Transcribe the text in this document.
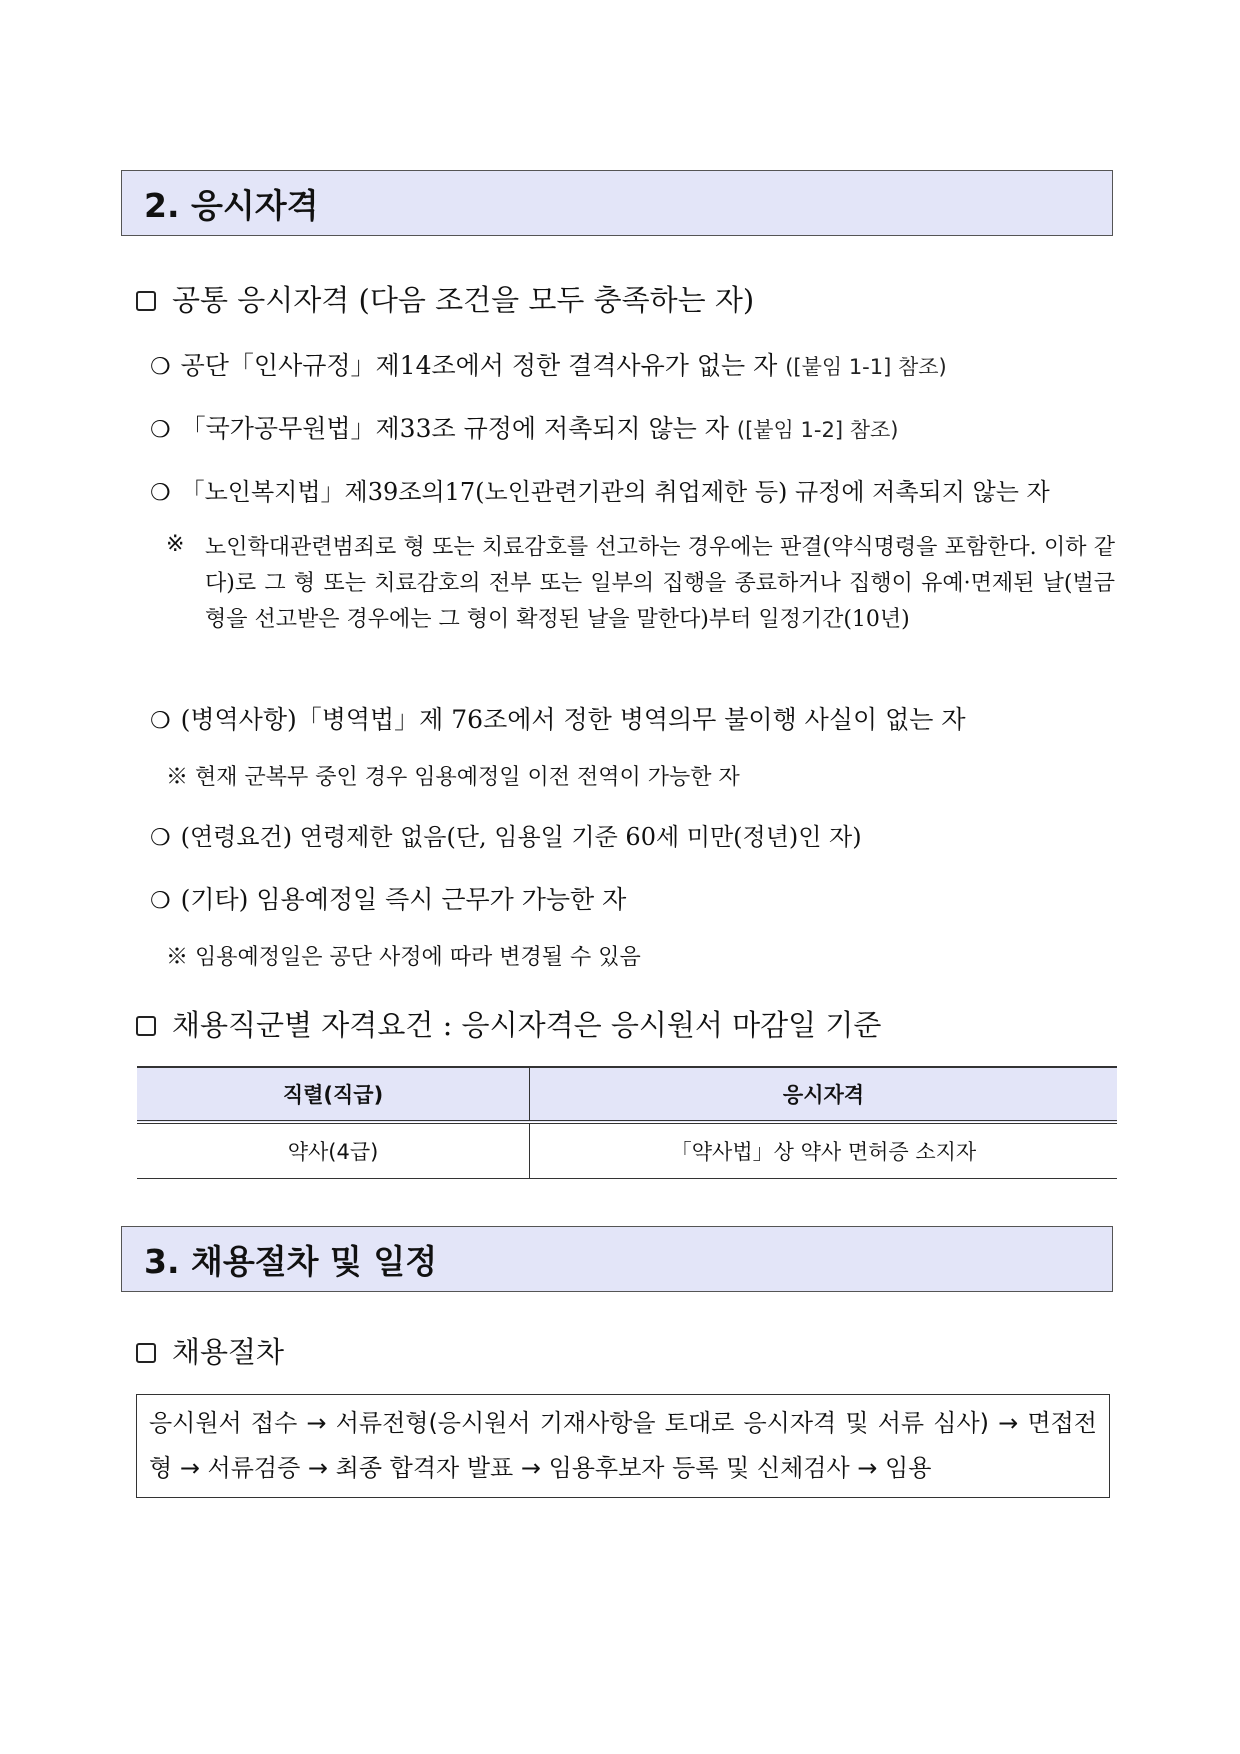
2. 응시자격
공통 응시자격 (다음 조건을 모두 충족하는 자)
❍ 공단「인사규정」제14조에서 정한 결격사유가 없는 자 ([붙임 1-1] 참조)
❍ 「국가공무원법」제33조 규정에 저촉되지 않는 자 ([붙임 1-2] 참조)
❍ 「노인복지법」제39조의17(노인관련기관의 취업제한 등) 규정에 저촉되지 않는 자
※ 노인학대관련범죄로 형 또는 치료감호를 선고하는 경우에는 판결(약식명령을 포함한다. 이하 같다)로 그 형 또는 치료감호의 전부 또는 일부의 집행을 종료하거나 집행이 유예·면제된 날(벌금형을 선고받은 경우에는 그 형이 확정된 날을 말한다)부터 일정기간(10년)
❍ (병역사항)「병역법」제 76조에서 정한 병역의무 불이행 사실이 없는 자
※ 현재 군복무 중인 경우 임용예정일 이전 전역이 가능한 자
❍ (연령요건) 연령제한 없음(단, 임용일 기준 60세 미만(정년)인 자)
❍ (기타) 임용예정일 즉시 근무가 가능한 자
※ 임용예정일은 공단 사정에 따라 변경될 수 있음
채용직군별 자격요건 : 응시자격은 응시원서 마감일 기준
직렬(직급)	응시자격
약사(4급)	「약사법」상 약사 면허증 소지자
3. 채용절차 및 일정
채용절차
응시원서 접수 → 서류전형(응시원서 기재사항을 토대로 응시자격 및 서류 심사) → 면접전형 → 서류검증 → 최종 합격자 발표 → 임용후보자 등록 및 신체검사 → 임용
